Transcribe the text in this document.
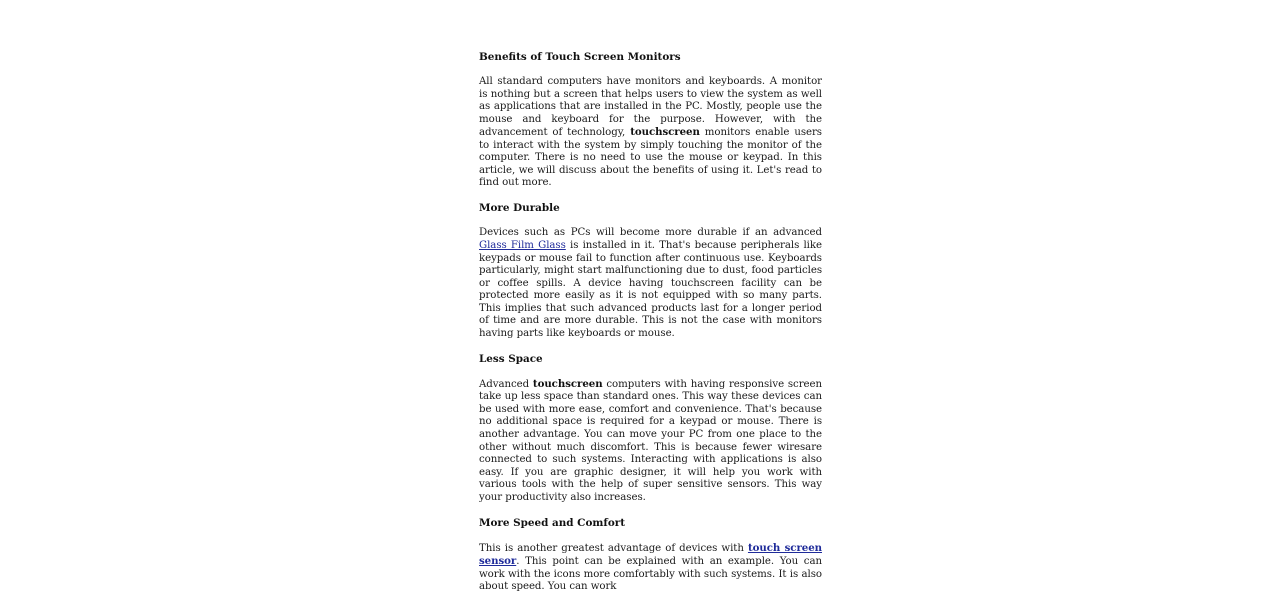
Benefits of Touch Screen Monitors

All standard computers have monitors and keyboards. A monitor is nothing but a screen that helps users to view the system as well as applications that are installed in the PC. Mostly, people use the mouse and keyboard for the purpose. However, with the advancement of technology, touchscreen monitors enable users to interact with the system by simply touching the monitor of the computer. There is no need to use the mouse or keypad. In this article, we will discuss about the benefits of using it. Let's read to find out more.

More Durable

Devices such as PCs will become more durable if an advanced Glass Film Glass is installed in it. That's because peripherals like keypads or mouse fail to function after continuous use. Keyboards particularly, might start malfunctioning due to dust, food particles or coffee spills. A device having touchscreen facility can be protected more easily as it is not equipped with so many parts. This implies that such advanced products last for a longer period of time and are more durable. This is not the case with monitors having parts like keyboards or mouse.

Less Space

Advanced touchscreen computers with having responsive screen take up less space than standard ones. This way these devices can be used with more ease, comfort and convenience. That's because no additional space is required for a keypad or mouse. There is another advantage. You can move your PC from one place to the other without much discomfort. This is because fewer wiresare connected to such systems. Interacting with applications is also easy. If you are graphic designer, it will help you work with various tools with the help of super sensitive sensors. This way your productivity also increases.

More Speed and Comfort

This is another greatest advantage of devices with touch screen sensor. This point can be explained with an example. You can work with the icons more comfortably with such systems. It is also about speed. You can work
